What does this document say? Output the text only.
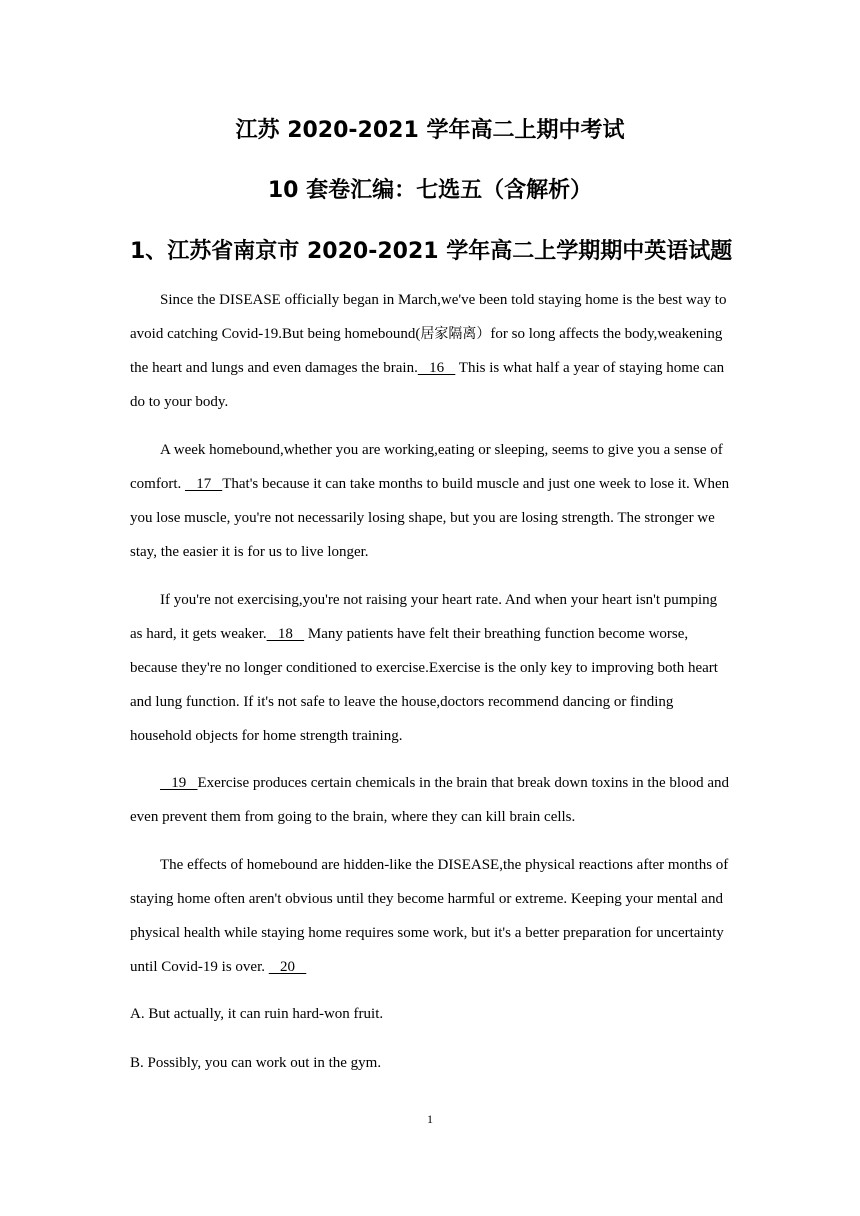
江苏 2020-2021 学年高二上期中考试
10 套卷汇编：七选五（含解析）
1、江苏省南京市 2020-2021 学年高二上学期期中英语试题

Since the DISEASE officially began in March,we've been told staying home is the best way to avoid catching Covid-19.But being homebound(居家隔离）for so long affects the body,weakening the heart and lungs and even damages the brain.   16    This is what half a year of staying home can do to your body.

A week homebound,whether you are working,eating or sleeping, seems to give you a sense of comfort.    17   That's because it can take months to build muscle and just one week to lose it. When you lose muscle, you're not necessarily losing shape, but you are losing strength. The stronger we stay, the easier it is for us to live longer.

If you're not exercising,you're not raising your heart rate. And when your heart isn't pumping as hard, it gets weaker.   18    Many patients have felt their breathing function become worse, because they're no longer conditioned to exercise.Exercise is the only key to improving both heart and lung function. If it's not safe to leave the house,doctors recommend dancing or finding household objects for home strength training.

19   Exercise produces certain chemicals in the brain that break down toxins in the blood and even prevent them from going to the brain, where they can kill brain cells.

The effects of homebound are hidden-like the DISEASE,the physical reactions after months of staying home often aren't obvious until they become harmful or extreme. Keeping your mental and physical health while staying home requires some work, but it's a better preparation for uncertainty until Covid-19 is over.    20

A. But actually, it can ruin hard-won fruit.

B. Possibly, you can work out in the gym.

1
